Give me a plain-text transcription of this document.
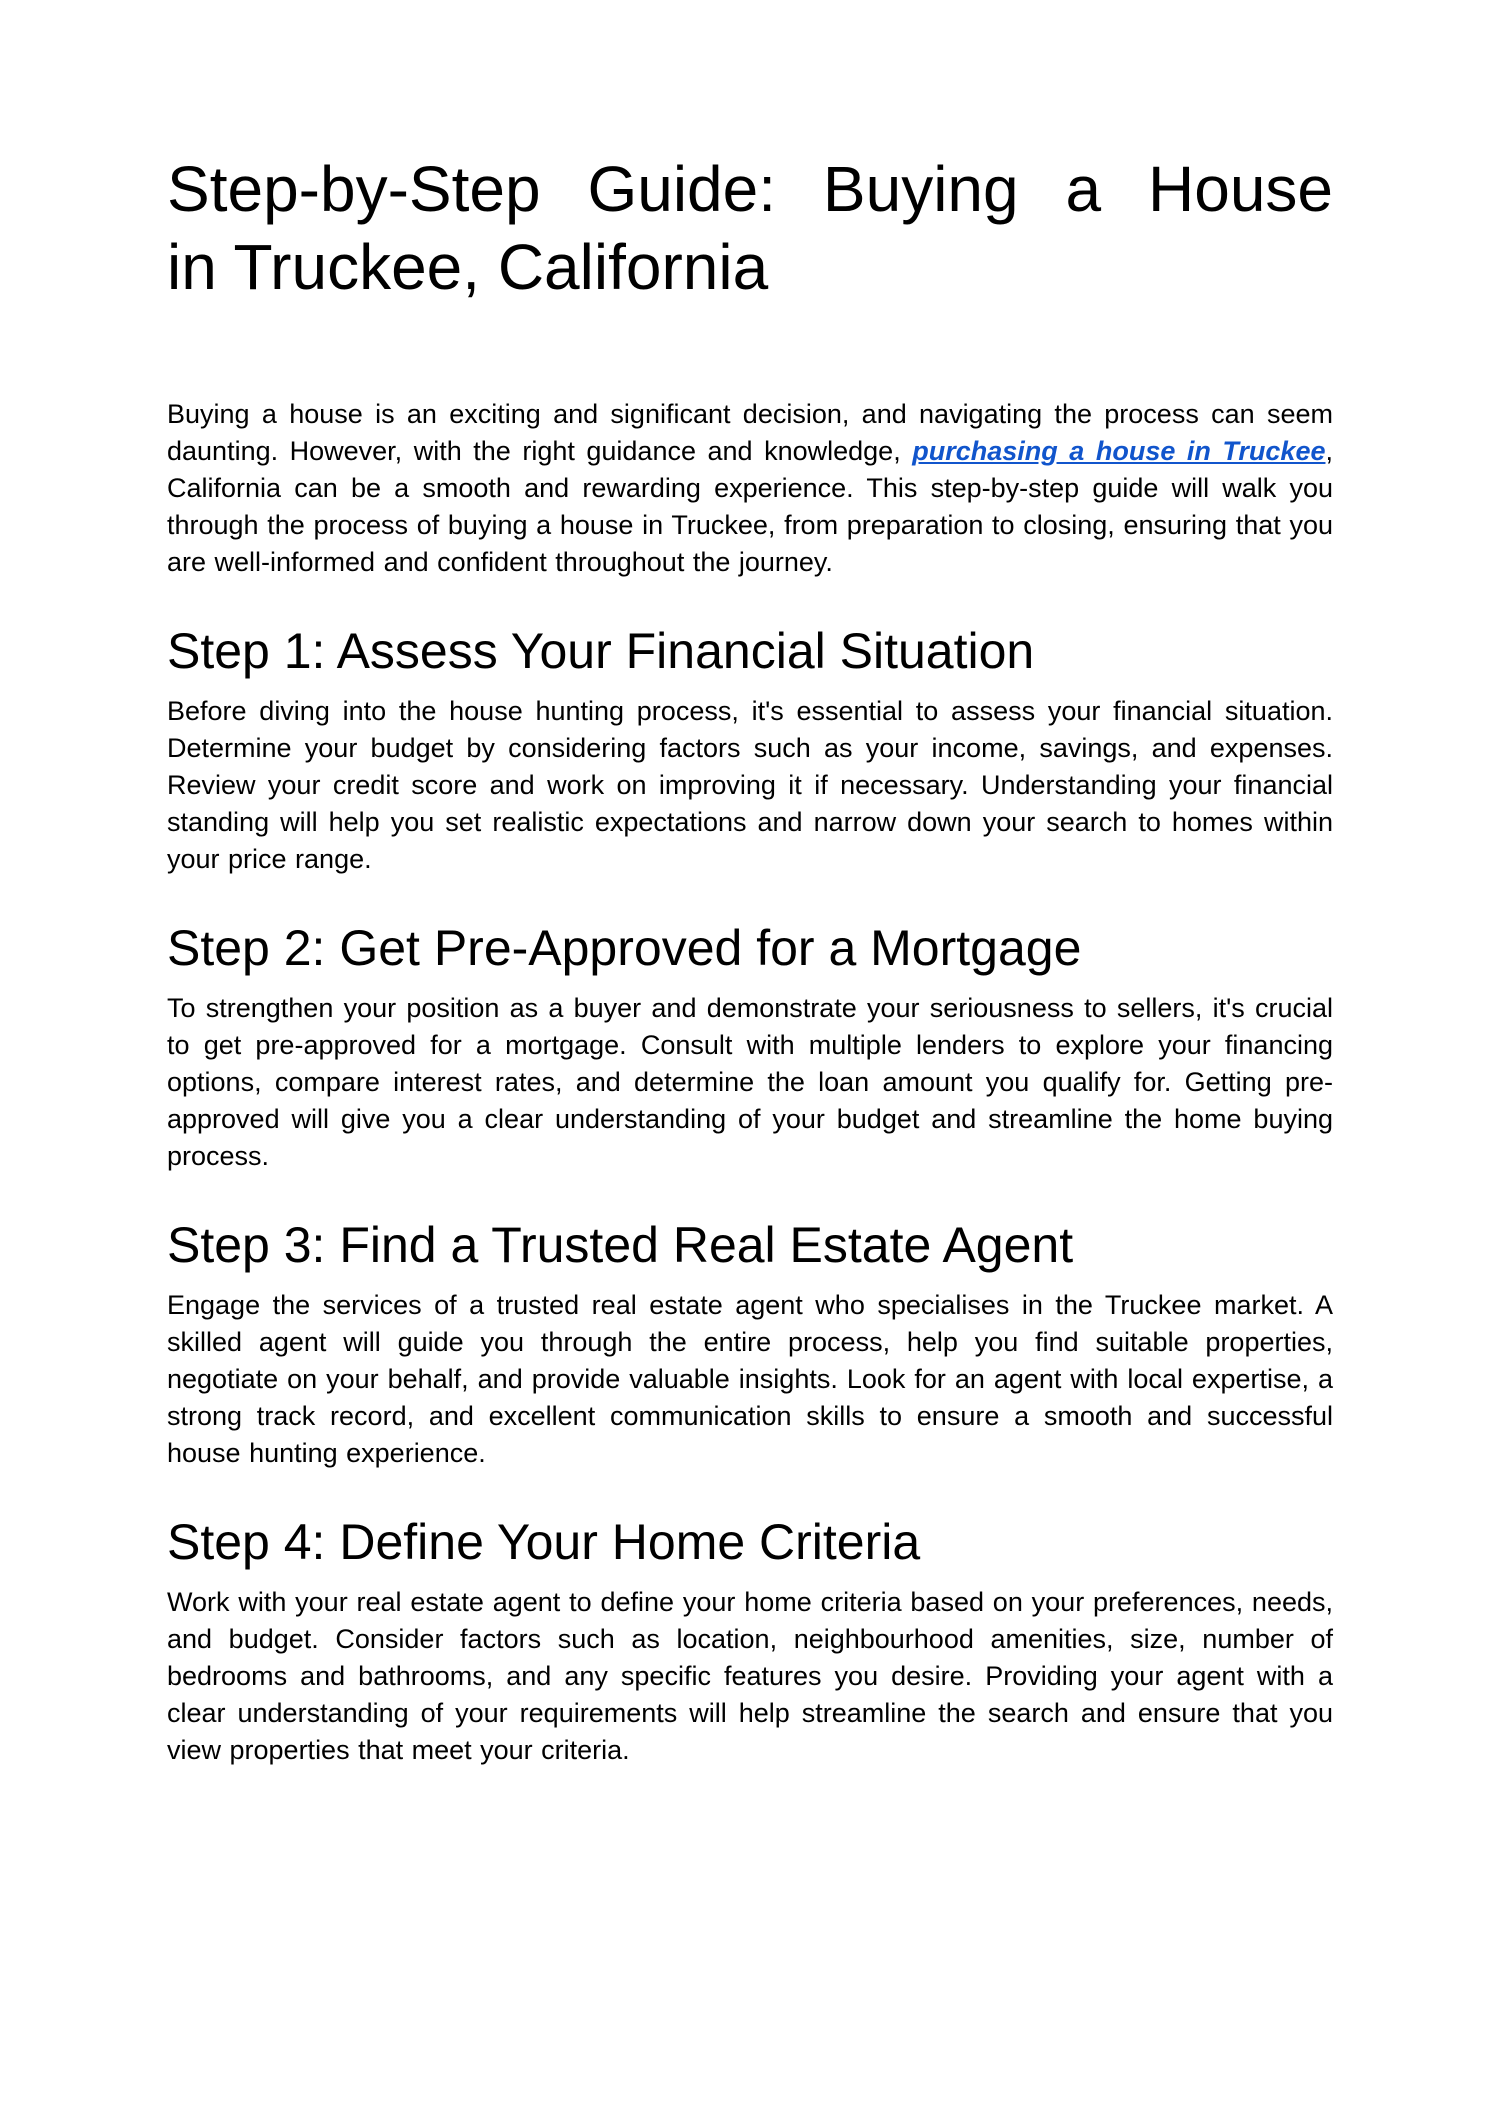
Step-by-Step Guide: Buying a House
in Truckee, California

Buying a house is an exciting and significant decision, and navigating the process can seem daunting. However, with the right guidance and knowledge, purchasing a house in Truckee, California can be a smooth and rewarding experience. This step-by-step guide will walk you through the process of buying a house in Truckee, from preparation to closing, ensuring that you are well-informed and confident throughout the journey.

Step 1: Assess Your Financial Situation

Before diving into the house hunting process, it's essential to assess your financial situation. Determine your budget by considering factors such as your income, savings, and expenses. Review your credit score and work on improving it if necessary. Understanding your financial standing will help you set realistic expectations and narrow down your search to homes within your price range.

Step 2: Get Pre-Approved for a Mortgage

To strengthen your position as a buyer and demonstrate your seriousness to sellers, it's crucial to get pre-approved for a mortgage. Consult with multiple lenders to explore your financing options, compare interest rates, and determine the loan amount you qualify for. Getting pre-approved will give you a clear understanding of your budget and streamline the home buying process.

Step 3: Find a Trusted Real Estate Agent

Engage the services of a trusted real estate agent who specialises in the Truckee market. A skilled agent will guide you through the entire process, help you find suitable properties, negotiate on your behalf, and provide valuable insights. Look for an agent with local expertise, a strong track record, and excellent communication skills to ensure a smooth and successful house hunting experience.

Step 4: Define Your Home Criteria

Work with your real estate agent to define your home criteria based on your preferences, needs, and budget. Consider factors such as location, neighbourhood amenities, size, number of bedrooms and bathrooms, and any specific features you desire. Providing your agent with a clear understanding of your requirements will help streamline the search and ensure that you view properties that meet your criteria.
